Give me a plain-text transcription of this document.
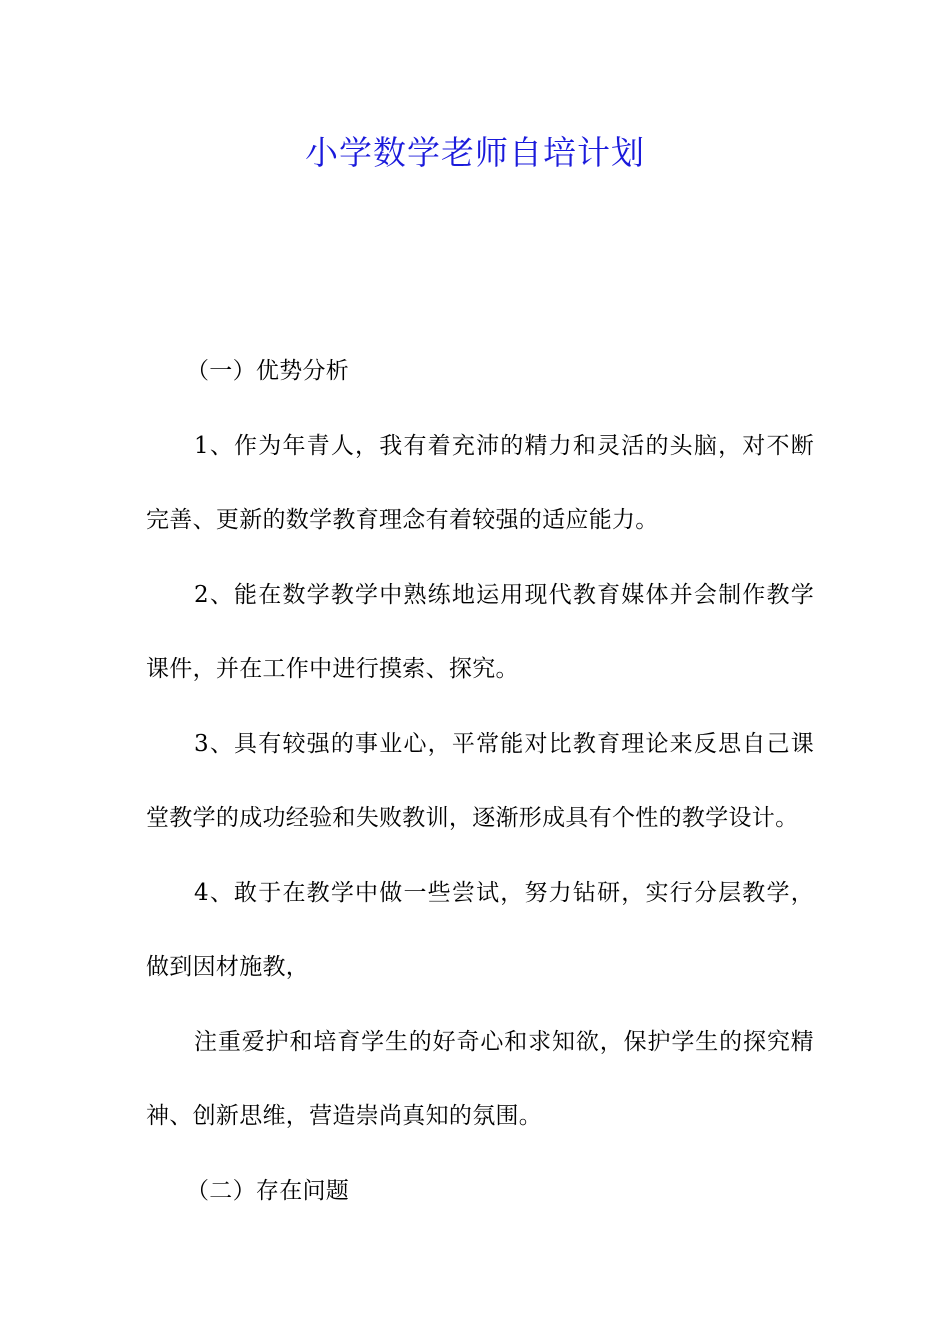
小学数学老师自培计划

（一）优势分析

1、作为年青人，我有着充沛的精力和灵活的头脑，对不断完善、更新的数学教育理念有着较强的适应能力。

2、能在数学教学中熟练地运用现代教育媒体并会制作教学课件，并在工作中进行摸索、探究。

3、具有较强的事业心，平常能对比教育理论来反思自己课堂教学的成功经验和失败教训，逐渐形成具有个性的教学设计。

4、敢于在教学中做一些尝试，努力钻研，实行分层教学，做到因材施教，

注重爱护和培育学生的好奇心和求知欲，保护学生的探究精神、创新思维，营造崇尚真知的氛围。

（二）存在问题
